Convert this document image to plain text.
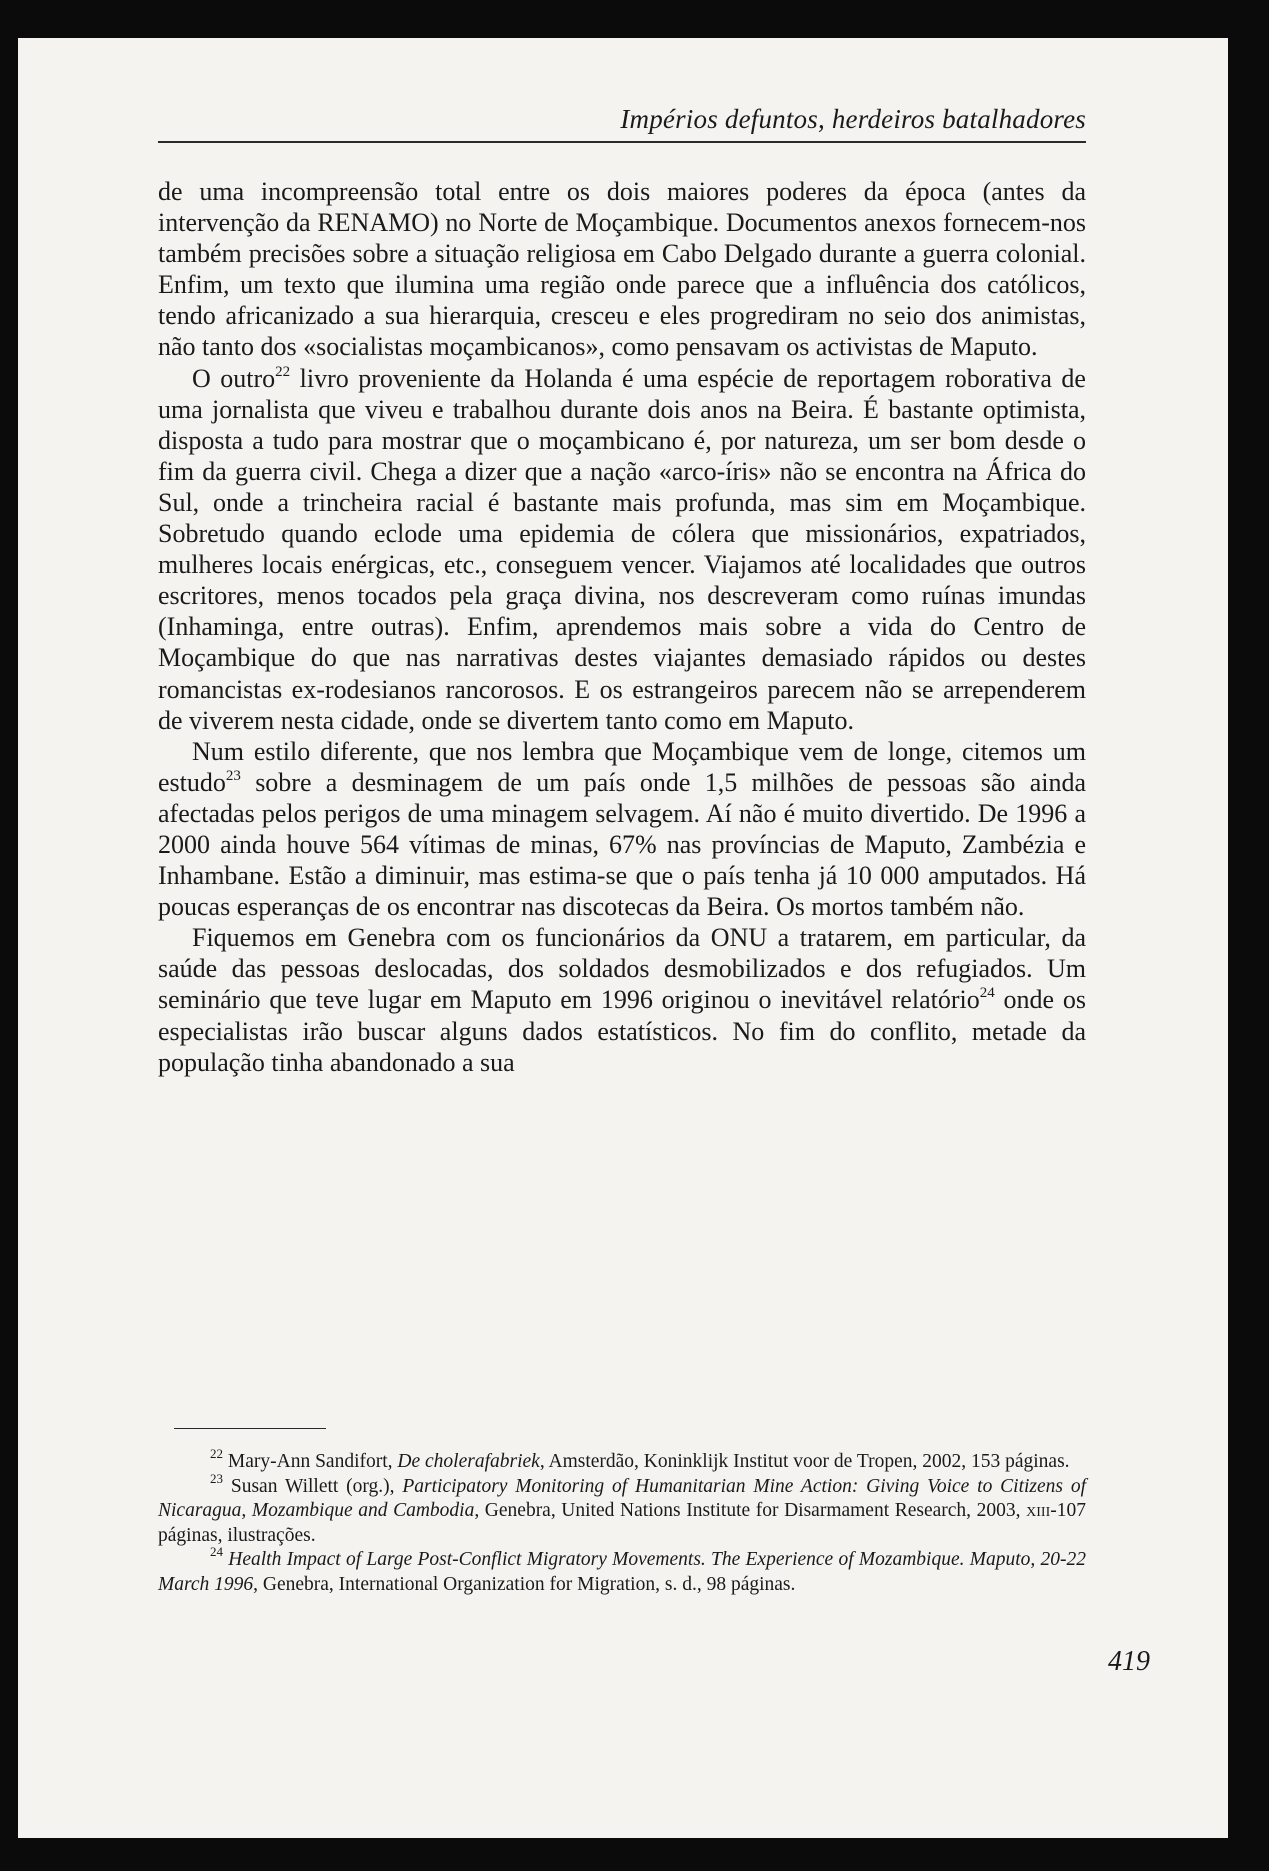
Impérios defuntos, herdeiros batalhadores

de uma incompreensão total entre os dois maiores poderes da época (antes da intervenção da RENAMO) no Norte de Moçambique. Documentos anexos fornecem-nos também precisões sobre a situação religiosa em Cabo Delgado durante a guerra colonial. Enfim, um texto que ilumina uma região onde parece que a influência dos católicos, tendo africanizado a sua hierarquia, cresceu e eles progrediram no seio dos animistas, não tanto dos «socialistas moçambicanos», como pensavam os activistas de Maputo.

O outro$^{22}$ livro proveniente da Holanda é uma espécie de reportagem roborativa de uma jornalista que viveu e trabalhou durante dois anos na Beira. É bastante optimista, disposta a tudo para mostrar que o moçambicano é, por natureza, um ser bom desde o fim da guerra civil. Chega a dizer que a nação «arco-íris» não se encontra na África do Sul, onde a trincheira racial é bastante mais profunda, mas sim em Moçambique. Sobretudo quando eclode uma epidemia de cólera que missionários, expatriados, mulheres locais enérgicas, etc., conseguem vencer. Viajamos até localidades que outros escritores, menos tocados pela graça divina, nos descreveram como ruínas imundas (Inhaminga, entre outras). Enfim, aprendemos mais sobre a vida do Centro de Moçambique do que nas narrativas destes viajantes demasiado rápidos ou destes romancistas ex-rodesianos rancorosos. E os estrangeiros parecem não se arrependerem de viverem nesta cidade, onde se divertem tanto como em Maputo.

Num estilo diferente, que nos lembra que Moçambique vem de longe, citemos um estudo$^{23}$ sobre a desminagem de um país onde 1,5 milhões de pessoas são ainda afectadas pelos perigos de uma minagem selvagem. Aí não é muito divertido. De 1996 a 2000 ainda houve 564 vítimas de minas, 67% nas províncias de Maputo, Zambézia e Inhambane. Estão a diminuir, mas estima-se que o país tenha já 10 000 amputados. Há poucas esperanças de os encontrar nas discotecas da Beira. Os mortos também não.

Fiquemos em Genebra com os funcionários da ONU a tratarem, em particular, da saúde das pessoas deslocadas, dos soldados desmobilizados e dos refugiados. Um seminário que teve lugar em Maputo em 1996 originou o inevitável relatório$^{24}$ onde os especialistas irão buscar alguns dados estatísticos. No fim do conflito, metade da população tinha abandonado a sua

$^{22}$ Mary-Ann Sandifort, De cholerafabriek, Amsterdão, Koninklijk Institut voor de Tropen, 2002, 153 páginas.

$^{23}$ Susan Willett (org.), Participatory Monitoring of Humanitarian Mine Action: Giving Voice to Citizens of Nicaragua, Mozambique and Cambodia, Genebra, United Nations Institute for Disarmament Research, 2003, xiii-107 páginas, ilustrações.

$^{24}$ Health Impact of Large Post-Conflict Migratory Movements. The Experience of Mozambique. Maputo, 20-22 March 1996, Genebra, International Organization for Migration, s. d., 98 páginas.

419
